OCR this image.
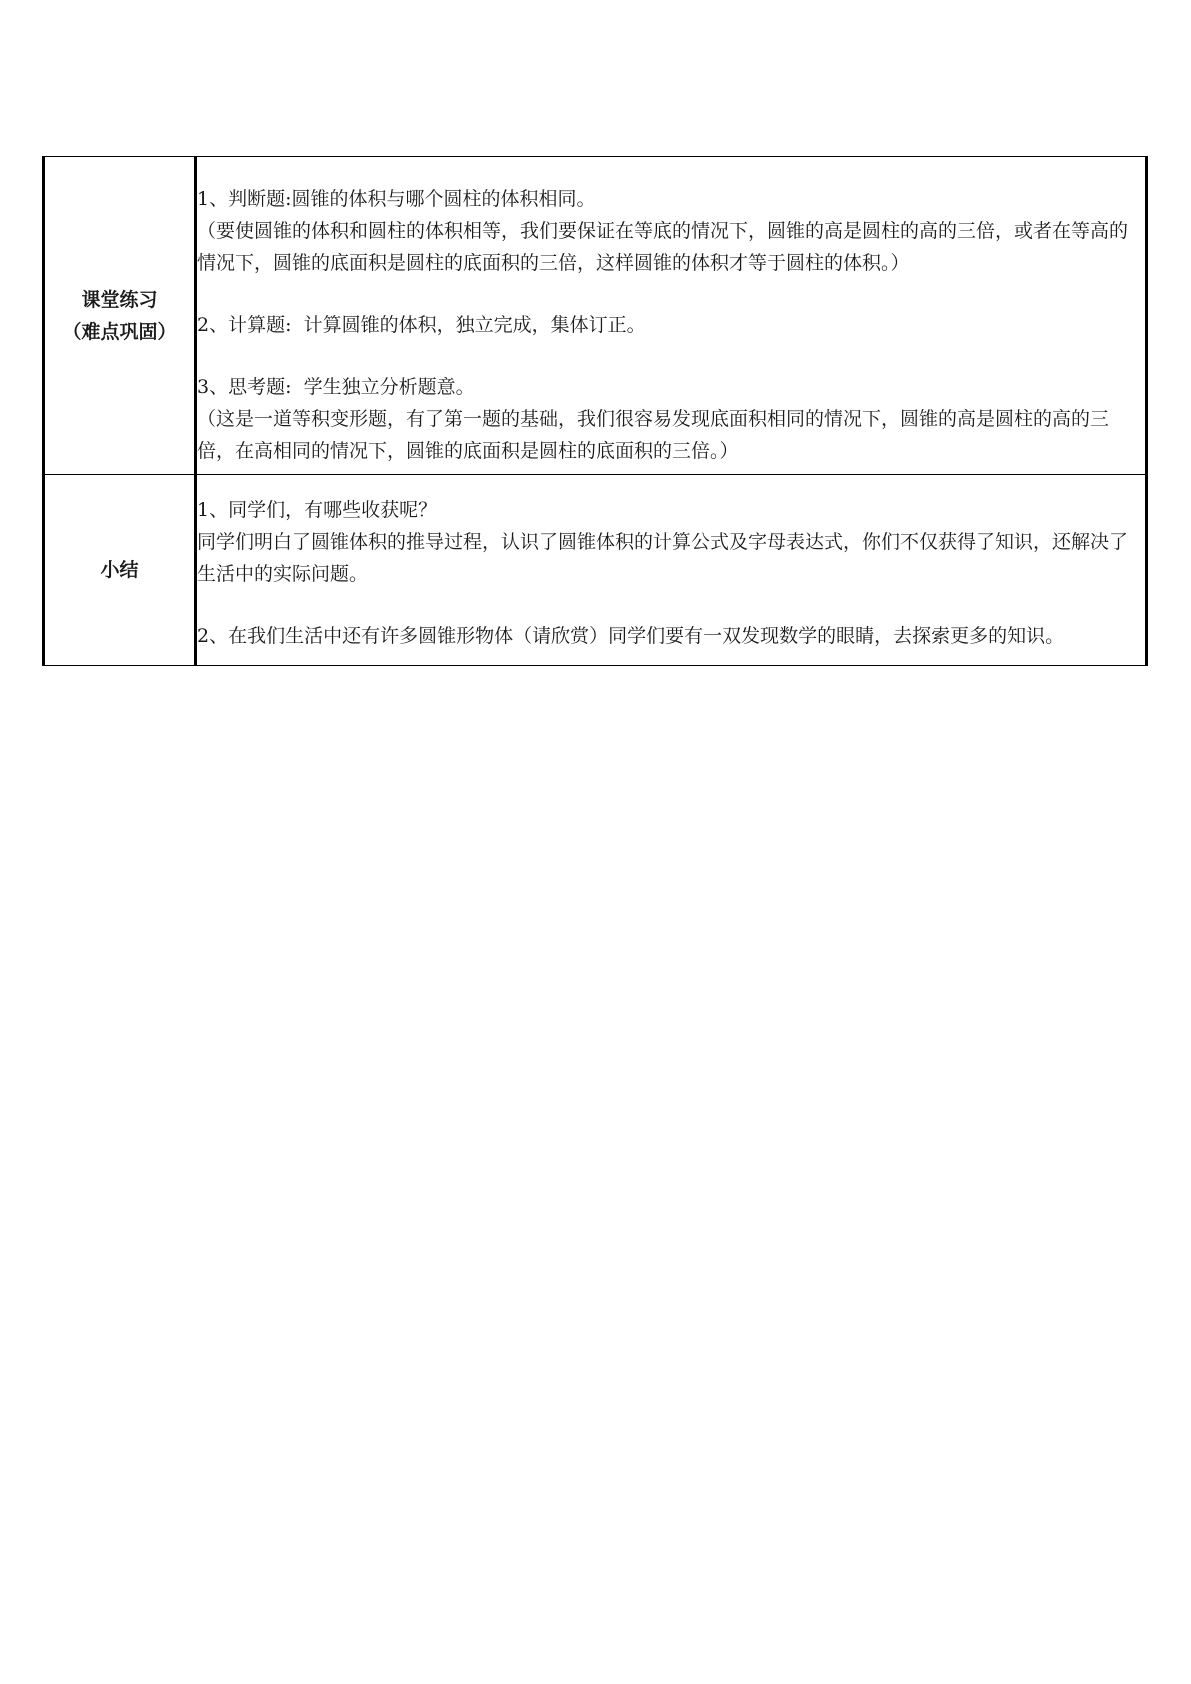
课堂练习
（难点巩固）	1、判断题:圆锥的体积与哪个圆柱的体积相同。
（要使圆锥的体积和圆柱的体积相等，我们要保证在等底的情况下，圆锥的高是圆柱的高的三倍，或者在等高的情况下，圆锥的底面积是圆柱的底面积的三倍，这样圆锥的体积才等于圆柱的体积。）
2、计算题:  计算圆锥的体积，独立完成，集体订正。
3、思考题:  学生独立分析题意。
（这是一道等积变形题，有了第一题的基础，我们很容易发现底面积相同的情况下，圆锥的高是圆柱的高的三倍，在高相同的情况下，圆锥的底面积是圆柱的底面积的三倍。）

小结	1、同学们，有哪些收获呢？
同学们明白了圆锥体积的推导过程，认识了圆锥体积的计算公式及字母表达式，你们不仅获得了知识，还解决了生活中的实际问题。
2、在我们生活中还有许多圆锥形物体（请欣赏）同学们要有一双发现数学的眼睛，去探索更多的知识。
